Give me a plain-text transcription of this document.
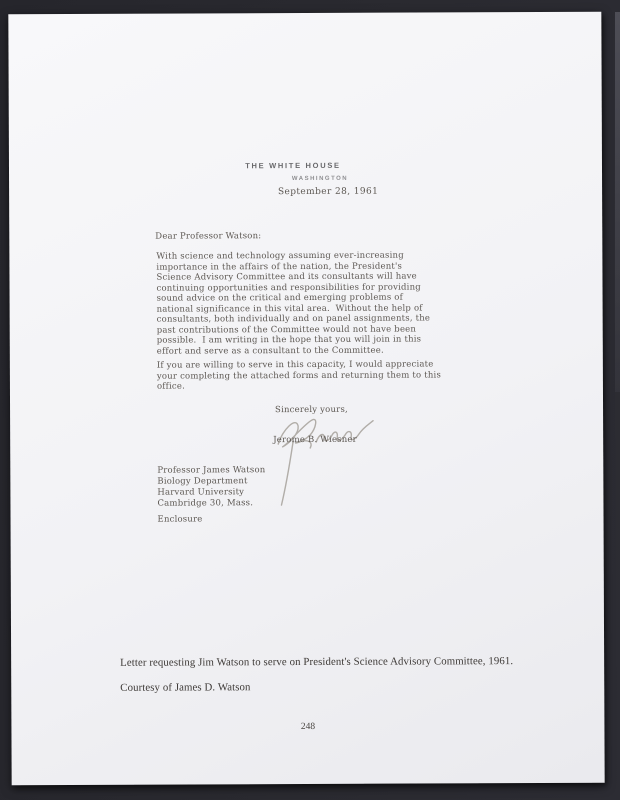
THE WHITE HOUSE
WASHINGTON
September 28, 1961
Dear Professor Watson:
With science and technology assuming ever-increasing
importance in the affairs of the nation, the President's
Science Advisory Committee and its consultants will have
continuing opportunities and responsibilities for providing
sound advice on the critical and emerging problems of
national significance in this vital area.  Without the help of
consultants, both individually and on panel assignments, the
past contributions of the Committee would not have been
possible.  I am writing in the hope that you will join in this
effort and serve as a consultant to the Committee.
If you are willing to serve in this capacity, I would appreciate
your completing the attached forms and returning them to this
office.
Sincerely yours,
Jerome B. Wiesner
Professor James Watson
Biology Department
Harvard University
Cambridge 30, Mass.
Enclosure
Letter requesting Jim Watson to serve on President's Science Advisory Committee, 1961.
Courtesy of James D. Watson
248
